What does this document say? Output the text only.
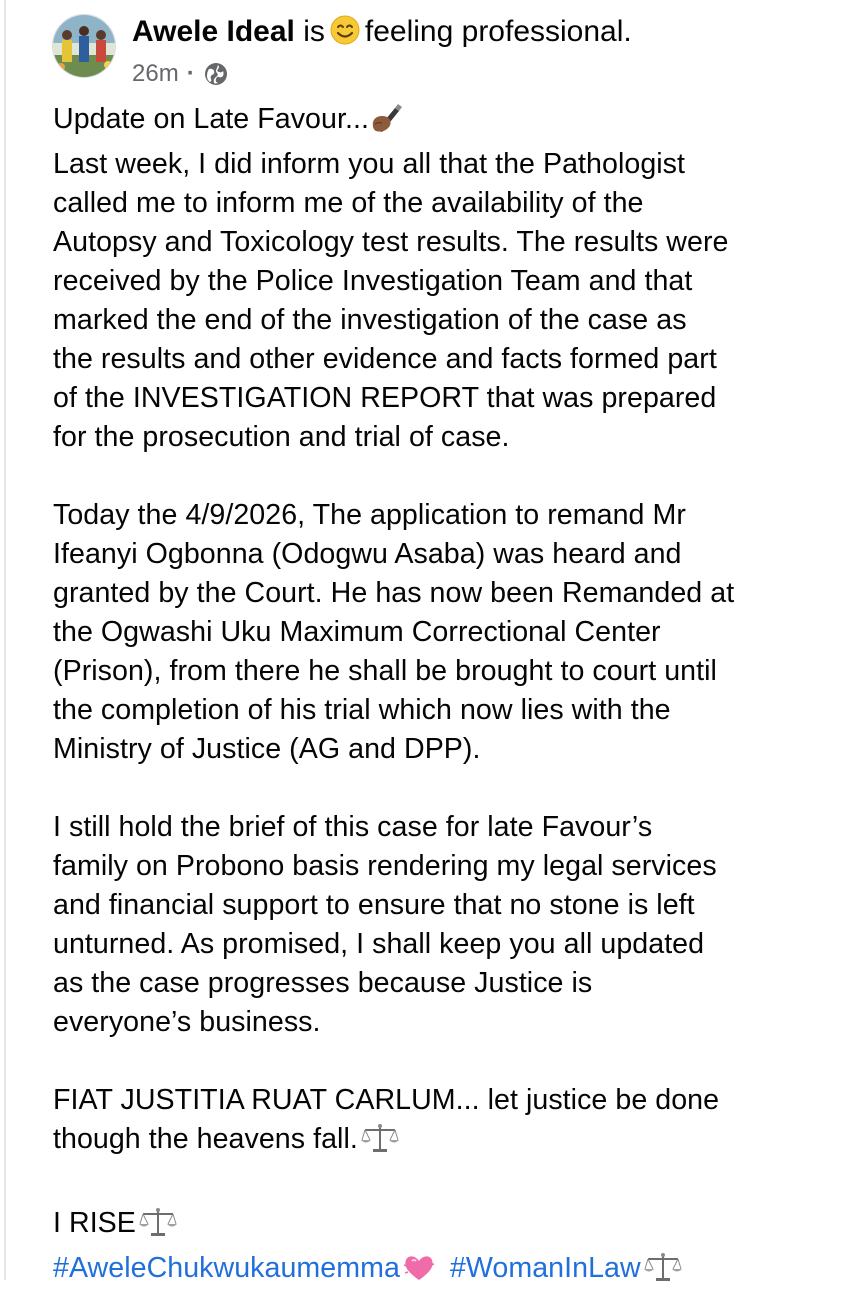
Awele Ideal is feeling professional.
26m ·
Update on Late Favour...
Last week, I did inform you all that the Pathologist
called me to inform me of the availability of the
Autopsy and Toxicology test results. The results were
received by the Police Investigation Team and that
marked the end of the investigation of the case as
the results and other evidence and facts formed part
of the INVESTIGATION REPORT that was prepared
for the prosecution and trial of case.
Today the 4/9/2026, The application to remand Mr
Ifeanyi Ogbonna (Odogwu Asaba) was heard and
granted by the Court. He has now been Remanded at
the Ogwashi Uku Maximum Correctional Center
(Prison), from there he shall be brought to court until
the completion of his trial which now lies with the
Ministry of Justice (AG and DPP).
I still hold the brief of this case for late Favour’s
family on Probono basis rendering my legal services
and financial support to ensure that no stone is left
unturned. As promised, I shall keep you all updated
as the case progresses because Justice is
everyone’s business.
FIAT JUSTITIA RUAT CARLUM... let justice be done
though the heavens fall.
I RISE
#AweleChukwukaumemma #WomanInLaw
